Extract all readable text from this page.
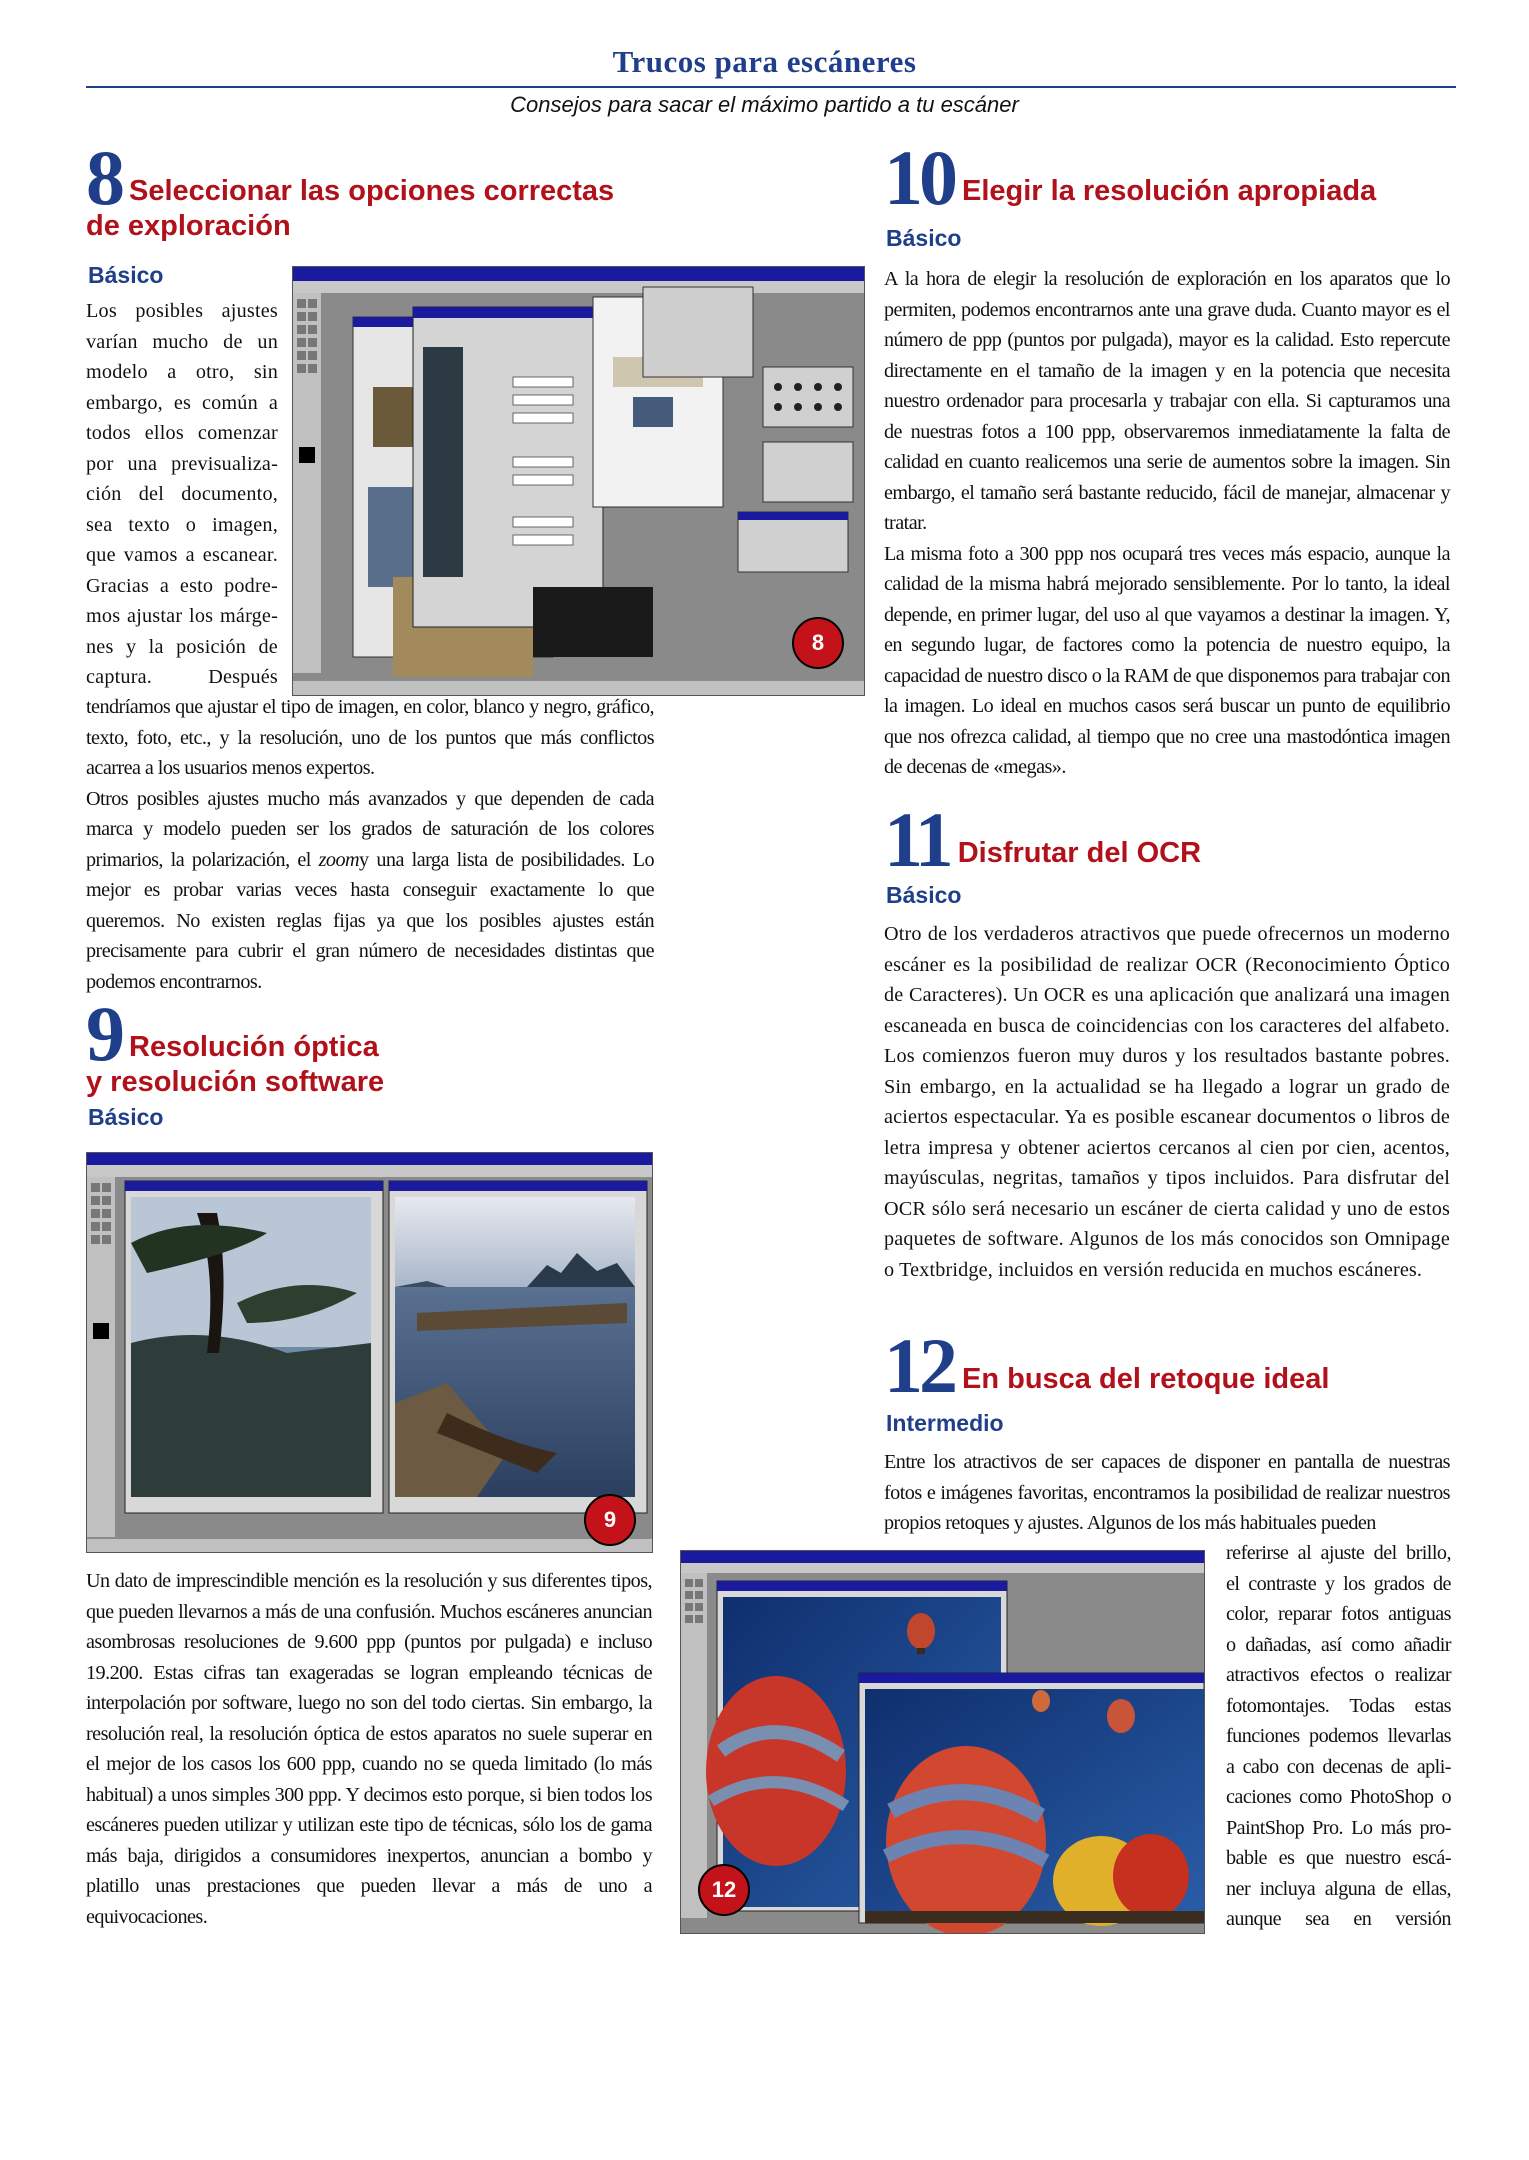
Trucos para escáneres
Consejos para sacar el máximo partido a tu escáner
8 Seleccionar las opciones correctas de exploración
Básico
Los posibles ajustes
varían mucho de un
modelo a otro, sin
embargo, es común a
todos ellos comenzar
por una previsualiza-
ción del documento,
sea texto o imagen,
que vamos a escanear.
Gracias a esto podre-
mos ajustar los márge-
nes y la posición de
captura.	Después
8

tendríamos que ajustar el tipo de imagen, en color, blanco y negro, gráfico, texto, foto, etc., y la resolución, uno de los puntos que más conflictos acarrea a los usuarios menos expertos.

Otros posibles ajustes mucho más avanzados y que dependen de cada marca y modelo pueden ser los grados de saturación de los colores primarios, la polarización, el zoomy una larga lista de posibilidades. Lo mejor es probar varias veces hasta conseguir exactamente lo que queremos. No existen reglas fijas ya que los posibles ajustes están precisamente para cubrir el gran número de necesidades distintas que podemos encontrarnos.

9 Resolución óptica
y resolución software
Básico
9

Un dato de imprescindible mención es la resolución y sus diferentes tipos, que pueden llevarnos a más de una confusión. Muchos escáneres anuncian asombrosas resoluciones de 9.600 ppp (puntos por pulgada) e incluso 19.200. Estas cifras tan exageradas se logran empleando técnicas de interpolación por software, luego no son del todo ciertas. Sin embargo, la resolución real, la resolución óptica de estos aparatos no suele superar en el mejor de los casos los 600 ppp, cuando no se queda limitado (lo más habitual) a unos simples 300 ppp. Y decimos esto porque, si bien todos los escáneres pueden utilizar y utilizan este tipo de técnicas, sólo los de gama más baja, dirigidos a consumidores inexpertos, anuncian a bombo y platillo unas prestaciones que pueden llevar a más de uno a equivocaciones.

10 Elegir la resolución apropiada
Básico

A la hora de elegir la resolución de exploración en los aparatos que lo permiten, podemos encontrarnos ante una grave duda. Cuanto mayor es el número de ppp (puntos por pulgada), mayor es la calidad. Esto repercute directamente en el tamaño de la imagen y en la potencia que necesita nuestro ordenador para procesarla y trabajar con ella. Si capturamos una de nuestras fotos a 100 ppp, observaremos inmediatamente la falta de calidad en cuanto realicemos una serie de aumentos sobre la imagen. Sin embargo, el tamaño será bastante reducido, fácil de manejar, almacenar y tratar.

La misma foto a 300 ppp nos ocupará tres veces más espacio, aunque la calidad de la misma habrá mejorado sensiblemente. Por lo tanto, la ideal depende, en primer lugar, del uso al que vayamos a destinar la imagen. Y, en segundo lugar, de factores como la potencia de nuestro equipo, la capacidad de nuestro disco o la RAM de que disponemos para trabajar con la imagen. Lo ideal en muchos casos será buscar un punto de equilibrio que nos ofrezca calidad, al tiempo que no cree una mastodóntica imagen de decenas de «megas».

11 Disfrutar del OCR
Básico

Otro de los verdaderos atractivos que puede ofrecernos un moderno escáner es la posibilidad de realizar OCR (Reconocimiento Óptico de Caracteres). Un OCR es una aplicación que analizará una imagen escaneada en busca de coincidencias con los caracteres del alfabeto. Los comienzos fueron muy duros y los resultados bastante pobres. Sin embargo, en la actualidad se ha llegado a lograr un grado de aciertos espectacular. Ya es posible escanear documentos o libros de letra impresa y obtener aciertos cercanos al cien por cien, acentos, mayúsculas, negritas, tamaños y tipos incluidos. Para disfrutar del OCR sólo será necesario un escáner de cierta calidad y uno de estos paquetes de software. Algunos de los más conocidos son Omnipage o Textbridge, incluidos en versión reducida en muchos escáneres.

12 En busca del retoque ideal
Intermedio

Entre los atractivos de ser capaces de disponer en pantalla de nuestras fotos e imágenes favoritas, encontramos la posibilidad de realizar nuestros propios retoques y ajustes. Algunos de los más habituales pueden

12
referirse al ajuste del brillo,
el contraste y los grados de
color, reparar fotos antiguas
o dañadas, así como añadir
atractivos efectos o realizar
fotomontajes. Todas estas
funciones podemos llevarlas
a cabo con decenas de apli-
caciones como PhotoShop o
PaintShop Pro. Lo más pro-
bable es que nuestro escá-
ner incluya alguna de ellas,
aunque sea en versión
